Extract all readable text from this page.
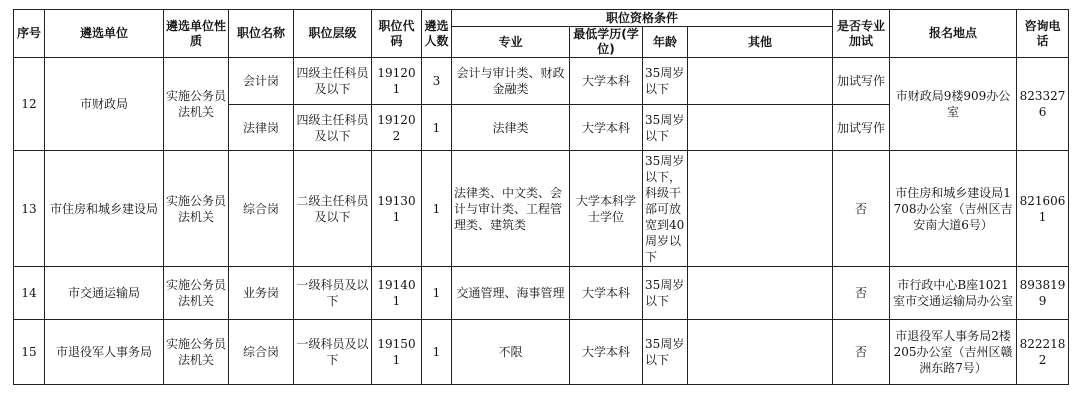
序号	遴选单位	遴选单位性质	职位名称	职位层级	职位代码	遴选人数	职位资格条件				是否专业加试	报名地点	咨询电话
							专业	最低学历(学位)	年龄	其他			
12	市财政局	实施公务员法机关	会计岗	四级主任科员及以下	191201	3	会计与审计类、财政金融类	大学本科	35周岁以下		加试写作	市财政局9楼909办公室	8233276
			法律岗	四级主任科员及以下	191202	1	法律类	大学本科	35周岁以下		加试写作		
13	市住房和城乡建设局	实施公务员法机关	综合岗	二级主任科员及以下	191301	1	法律类、中文类、会计与审计类、工程管理类、建筑类	大学本科学士学位	35周岁以下，科级干部可放宽到40周岁以下		否	市住房和城乡建设局1708办公室（吉州区吉安南大道6号）	8216061
14	市交通运输局	实施公务员法机关	业务岗	一级科员及以下	191401	1	交通管理、海事管理	大学本科	35周岁以下		否	市行政中心B座1021室市交通运输局办公室	8938199
15	市退役军人事务局	实施公务员法机关	综合岗	一级科员及以下	191501	1	不限	大学本科	35周岁以下		否	市退役军人事务局2楼205办公室（吉州区赣洲东路7号）	8222182
